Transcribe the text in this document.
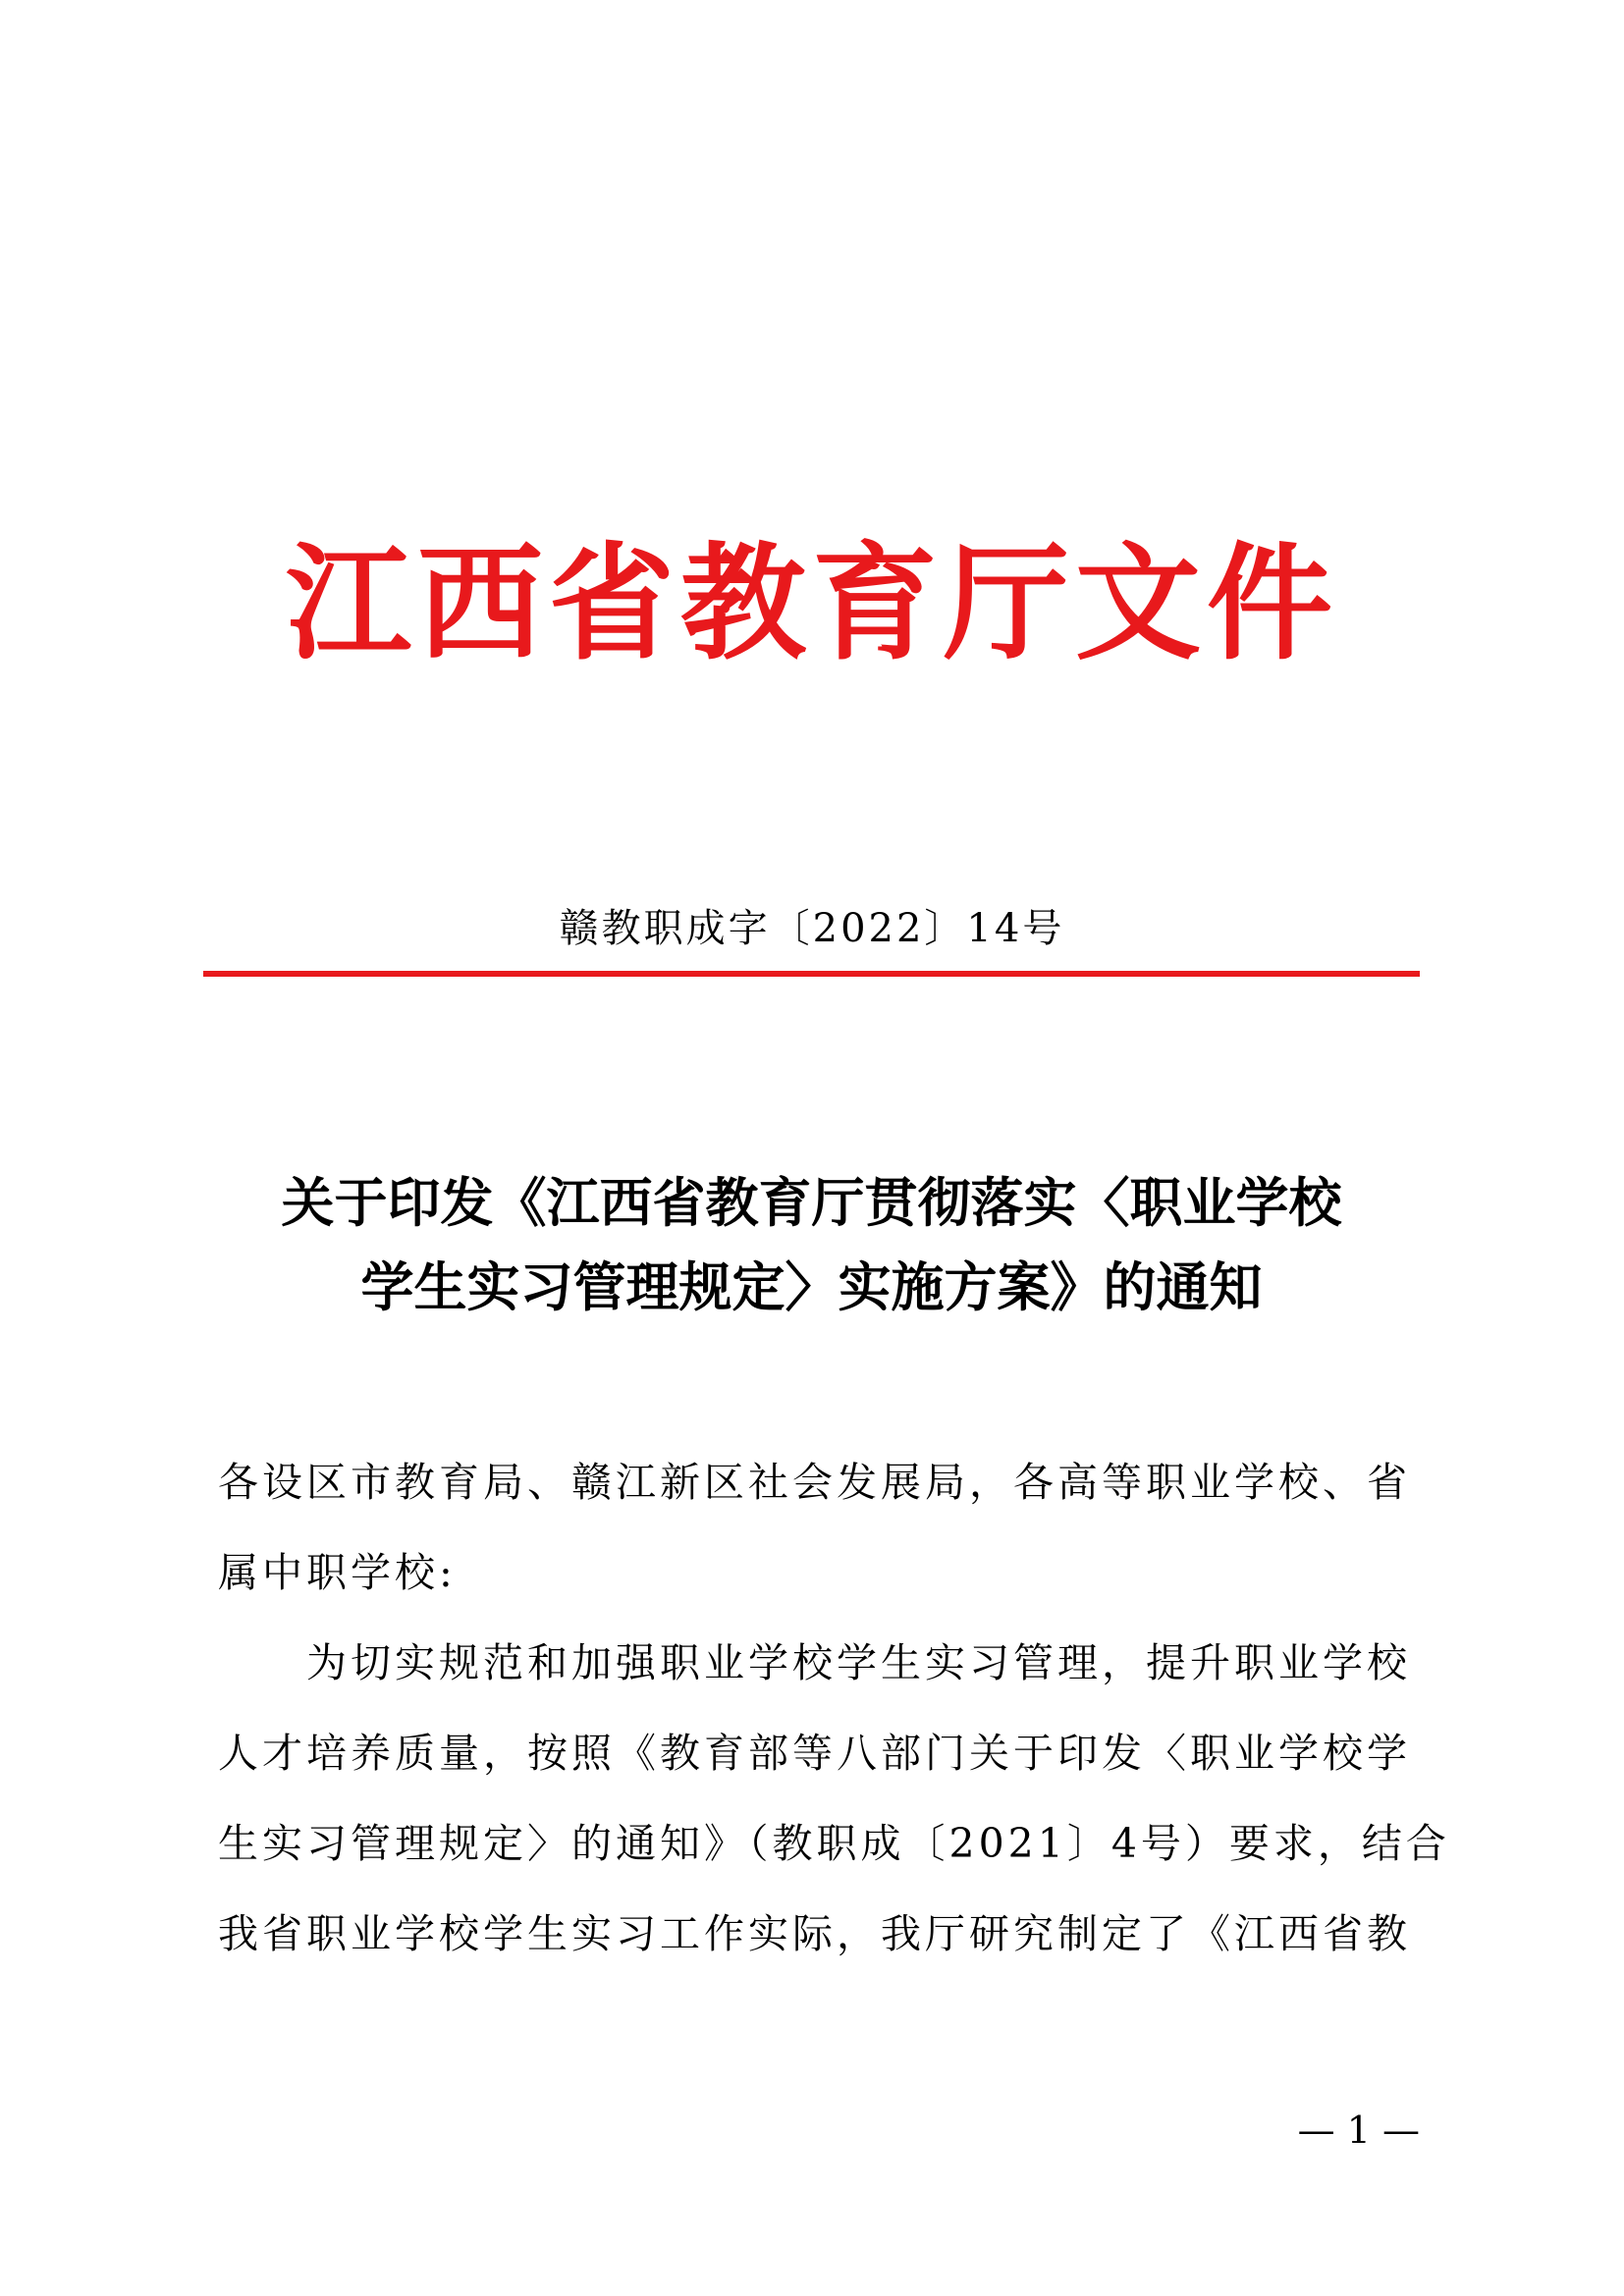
江西省教育厅文件
赣教职成字〔2022〕14号
关于印发《江西省教育厅贯彻落实〈职业学校
学生实习管理规定〉实施方案》的通知
各设区市教育局、赣江新区社会发展局，各高等职业学校、省
属中职学校:
　　为切实规范和加强职业学校学生实习管理，提升职业学校
人才培养质量，按照《教育部等八部门关于印发〈职业学校学
生实习管理规定〉的通知》（教职成〔2021〕4号）要求，结合
我省职业学校学生实习工作实际，我厅研究制定了《江西省教
— 1 —
